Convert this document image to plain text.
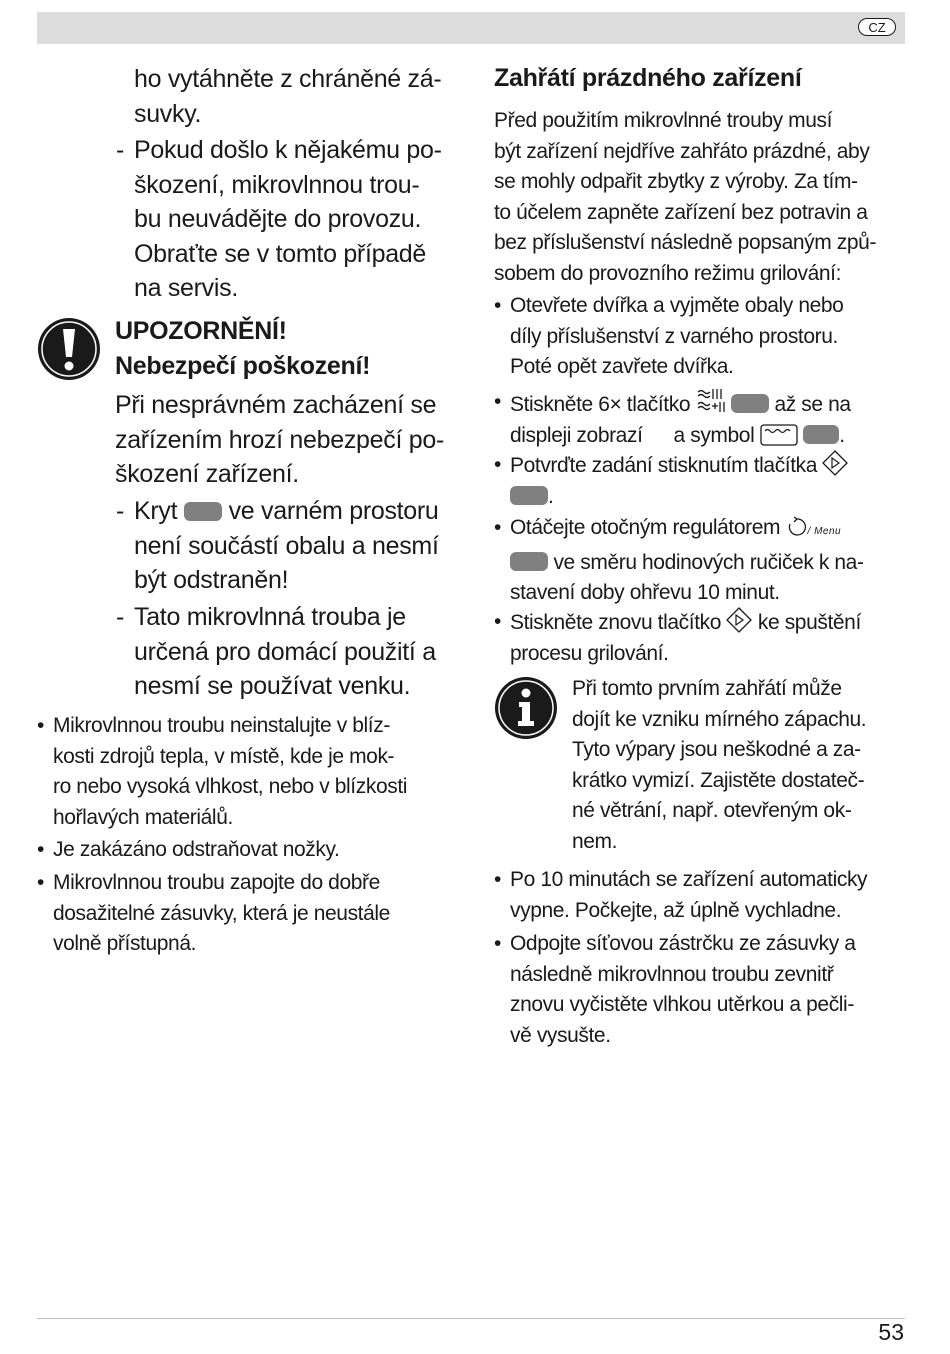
CZ
ho vytáhněte z chráněné zá-
suvky.
- Pokud došlo k nějakému po-
škození, mikrovlnnou trou-
bu neuvádějte do provozu.
Obraťte se v tomto případě
na servis.
UPOZORNĚNÍ!
Nebezpečí poškození!
Při nesprávném zacházení se
zařízením hrozí nebezpečí po-
škození zařízení.
- Kryt ve varném prostoru
není součástí obalu a nesmí
být odstraněn!
- Tato mikrovlnná trouba je
určená pro domácí použití a
nesmí se používat venku.
• Mikrovlnnou troubu neinstalujte v blíz-
kosti zdrojů tepla, v místě, kde je mok-
ro nebo vysoká vlhkost, nebo v blízkosti
hořlavých materiálů.
• Je zakázáno odstraňovat nožky.
• Mikrovlnnou troubu zapojte do dobře
dosažitelné zásuvky, která je neustále
volně přístupná.
Zahřátí prázdného zařízení
Před použitím mikrovlnné trouby musí
být zařízení nejdříve zahřáto prázdné, aby
se mohly odpařit zbytky z výroby. Za tím-
to účelem zapněte zařízení bez potravin a
bez příslušenství následně popsaným způ-
sobem do provozního režimu grilování:
• Otevřete dvířka a vyjměte obaly nebo
díly příslušenství z varného prostoru.
Poté opět zavřete dvířka.
• Stiskněte 6× tlačítko	až se na
displeji zobrazí a symbol	.
• Potvrďte zadání stisknutím tlačítka
.
• Otáčejte otočným regulátorem	/ Menu
ve směru hodinových ručiček k na-
stavení doby ohřevu 10 minut.
• Stiskněte znovu tlačítko ke spuštění
procesu grilování.
Při tomto prvním zahřátí může
dojít ke vzniku mírného zápachu.
Tyto výpary jsou neškodné a za-
krátko vymizí. Zajistěte dostateč-
né větrání, např. otevřeným ok-
nem.
• Po 10 minutách se zařízení automaticky
vypne. Počkejte, až úplně vychladne.
• Odpojte síťovou zástrčku ze zásuvky a
následně mikrovlnnou troubu zevnitř
znovu vyčistěte vlhkou utěrkou a pečli-
vě vysušte.
53
